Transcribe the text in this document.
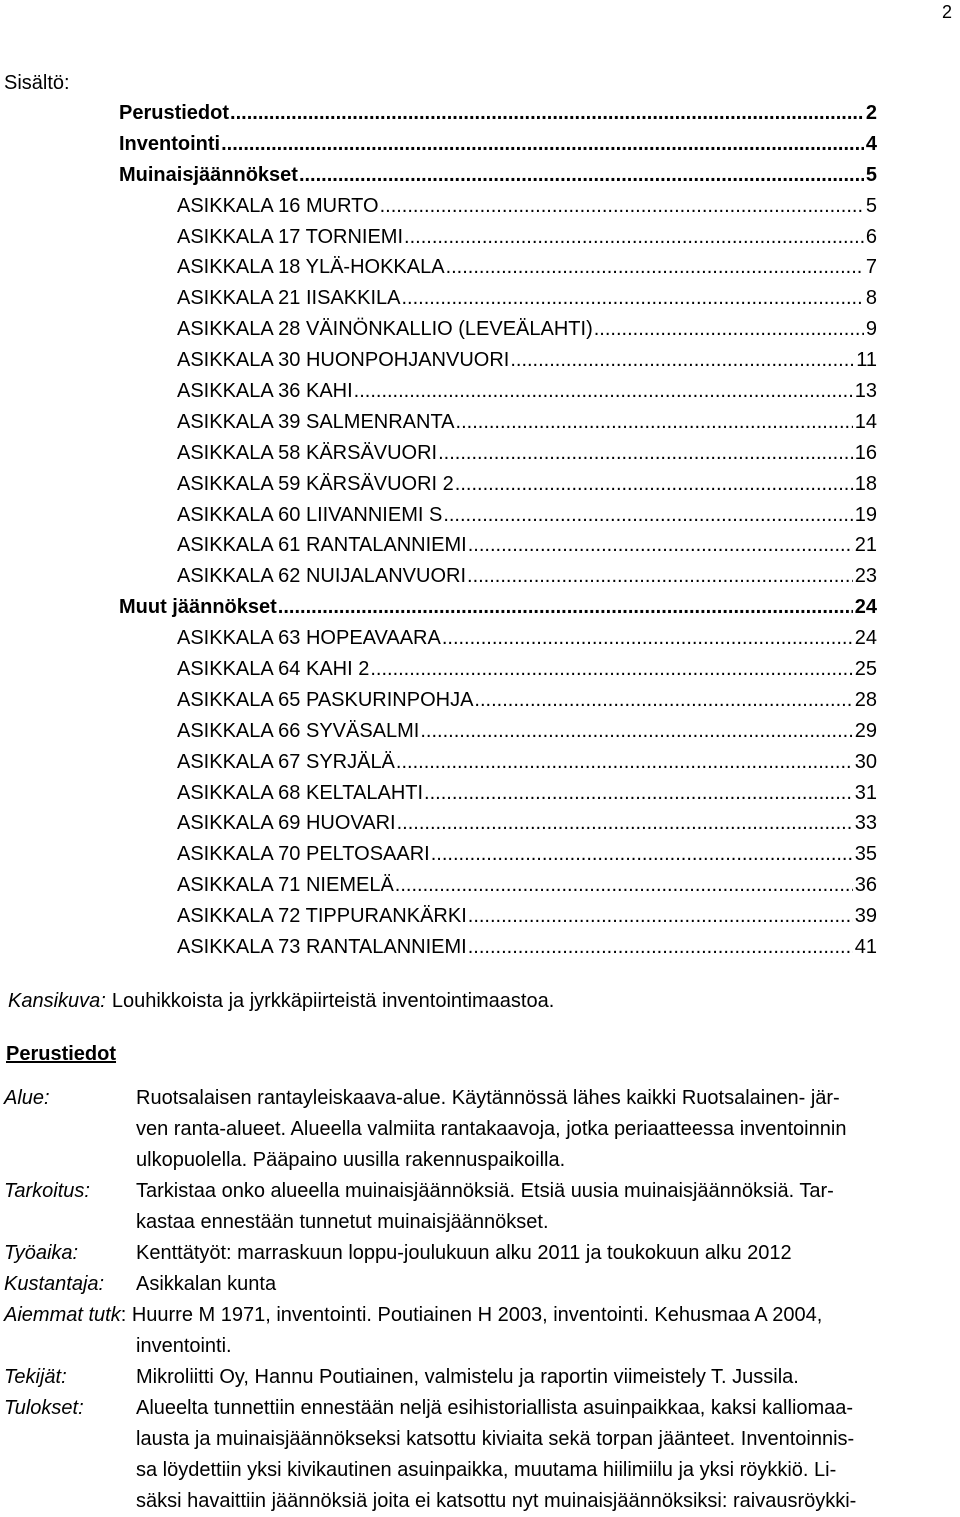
2
Sisältö:
Perustiedot .....	2
Inventointi .....	4
Muinaisjäännökset .....	5
ASIKKALA 16 MURTO .....	5
ASIKKALA 17 TORNIEMI .....	6
ASIKKALA 18 YLÄ-HOKKALA .....	7
ASIKKALA 21 IISAKKILA .....	8
ASIKKALA 28 VÄINÖNKALLIO (LEVEÄLAHTI) .....	9
ASIKKALA 30 HUONPOHJANVUORI .....	11
ASIKKALA 36 KAHI .....	13
ASIKKALA 39 SALMENRANTA .....	14
ASIKKALA 58 KÄRSÄVUORI .....	16
ASIKKALA 59 KÄRSÄVUORI 2 .....	18
ASIKKALA 60 LIIVANNIEMI S .....	19
ASIKKALA 61 RANTALANNIEMI .....	21
ASIKKALA 62 NUIJALANVUORI .....	23
Muut jäännökset .....	24
ASIKKALA 63 HOPEAVAARA .....	24
ASIKKALA 64 KAHI 2 .....	25
ASIKKALA 65 PASKURINPOHJA .....	28
ASIKKALA 66 SYVÄSALMI .....	29
ASIKKALA 67 SYRJÄLÄ .....	30
ASIKKALA 68 KELTALAHTI .....	31
ASIKKALA 69 HUOVARI .....	33
ASIKKALA 70 PELTOSAARI .....	35
ASIKKALA 71 NIEMELÄ .....	36
ASIKKALA 72 TIPPURANKÄRKI .....	39
ASIKKALA 73 RANTALANNIEMI .....	41
Kansikuva: Louhikkoista ja jyrkkäpiirteistä inventointimaastoa.
Perustiedot
Alue:	Ruotsalaisen rantayleiskaava-alue. Käytännössä lähes kaikki Ruotsalainen- jär-
ven ranta-alueet. Alueella valmiita rantakaavoja, jotka periaatteessa inventoinnin
ulkopuolella. Pääpaino uusilla rakennuspaikoilla.
Tarkoitus: Tarkistaa onko alueella muinaisjäännöksiä. Etsiä uusia muinaisjäännöksiä. Tar-
kastaa ennestään tunnetut muinaisjäännökset.
Työaika:	Kenttätyöt: marraskuun loppu-joulukuun alku 2011 ja toukokuun alku 2012
Kustantaja: Asikkalan kunta
Aiemmat tutk: Huurre M 1971, inventointi. Poutiainen H 2003, inventointi. Kehusmaa A 2004,
inventointi.
Tekijät:	Mikroliitti Oy, Hannu Poutiainen, valmistelu ja raportin viimeistely T. Jussila.
Tulokset:	Alueelta tunnettiin ennestään neljä esihistoriallista asuinpaikkaa, kaksi kalliomaa-
lausta ja muinaisjäännökseksi katsottu kiviaita sekä torpan jäänteet. Inventoinnis-
sa löydettiin yksi kivikautinen asuinpaikka, muutama hiilimiilu ja yksi röykkiö. Li-
säksi havaittiin jäännöksiä joita ei katsottu nyt muinaisjäännöksiksi: raivausröykki-
